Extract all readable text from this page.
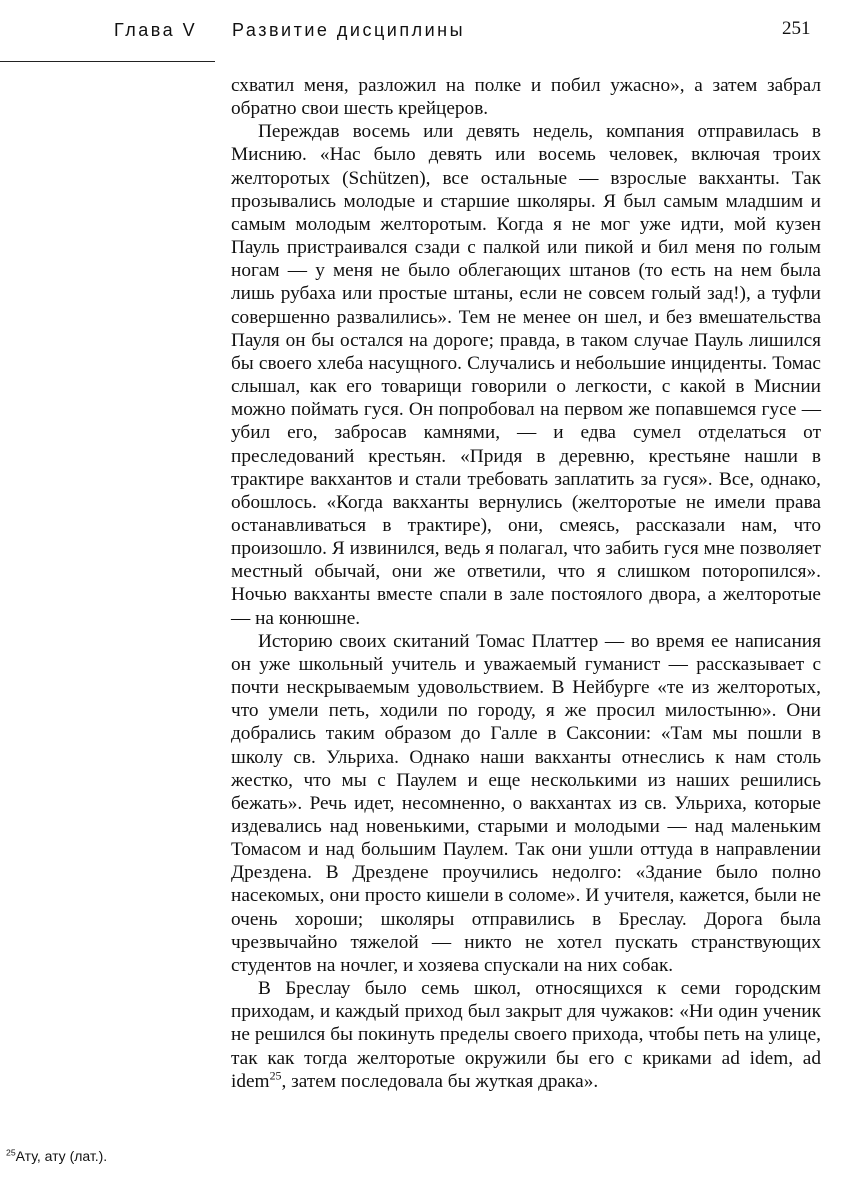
Глава V Развитие дисциплины	251

схватил меня, разложил на полке и побил ужасно», а затем забрал обратно свои шесть крейцеров.

Переждав восемь или девять недель, компания отправилась в Миснию. «Нас было девять или восемь человек, включая троих желторотых (Schützen), все остальные — взрослые вакханты. Так прозывались молодые и старшие школяры. Я был самым младшим и самым молодым желторотым. Когда я не мог уже идти, мой кузен Пауль пристраивался сзади с палкой или пикой и бил меня по голым ногам — у меня не было облегающих штанов (то есть на нем была лишь рубаха или простые штаны, если не совсем голый зад!), а туфли совершенно развалились». Тем не менее он шел, и без вмешательства Пауля он бы остался на дороге; правда, в таком случае Пауль лишился бы своего хлеба насущного. Случались и небольшие инциденты. Томас слышал, как его товарищи говорили о легкости, с какой в Миснии можно поймать гуся. Он попробовал на первом же попавшемся гусе — убил его, забросав камнями, — и едва сумел отделаться от преследований крестьян. «Придя в деревню, крестьяне нашли в трактире вакхантов и стали требовать заплатить за гуся». Все, однако, обошлось. «Когда вакханты вернулись (желторотые не имели права останавливаться в трактире), они, смеясь, рассказали нам, что произошло. Я извинился, ведь я полагал, что забить гуся мне позволяет местный обычай, они же ответили, что я слишком поторопился». Ночью вакханты вместе спали в зале постоялого двора, а желторотые — на конюшне.

Историю своих скитаний Томас Платтер — во время ее написания он уже школьный учитель и уважаемый гуманист — рассказывает с почти нескрываемым удовольствием. В Нейбурге «те из желторотых, что умели петь, ходили по городу, я же просил милостыню». Они добрались таким образом до Галле в Саксонии: «Там мы пошли в школу св. Ульриха. Однако наши вакханты отнеслись к нам столь жестко, что мы с Паулем и еще несколькими из наших решились бежать». Речь идет, несомненно, о вакхантах из св. Ульриха, которые издевались над новенькими, старыми и молодыми — над маленьким Томасом и над большим Паулем. Так они ушли оттуда в направлении Дрездена. В Дрездене проучились недолго: «Здание было полно насекомых, они просто кишели в соломе». И учителя, кажется, были не очень хороши; школяры отправились в Бреслау. Дорога была чрезвычайно тяжелой — никто не хотел пускать странствующих студентов на ночлег, и хозяева спускали на них собак.

В Бреслау было семь школ, относящихся к семи городским приходам, и каждый приход был закрыт для чужаков: «Ни один ученик не решился бы покинуть пределы своего прихода, чтобы петь на улице, так как тогда желторотые окружили бы его с криками ad idem, ad idem$^{25}$, затем последовала бы жуткая драка».

$^{25}$Ату, ату (лат.).
